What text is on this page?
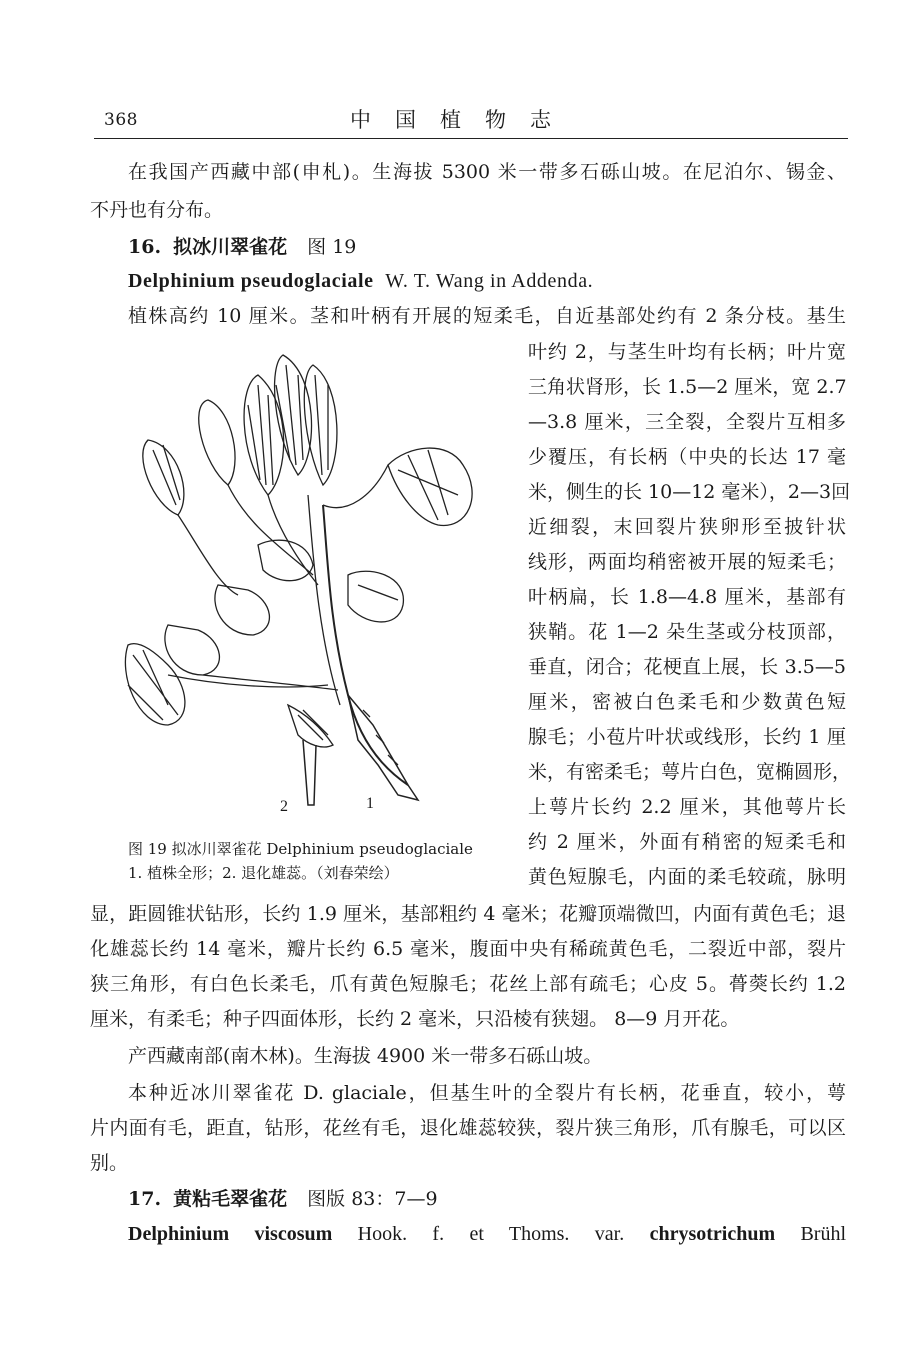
368	中国植物志
在我国产西藏中部(申札)。生海拔 5300 米一带多石砾山坡。在尼泊尔、锡金、
不丹也有分布。
16. 拟冰川翠雀花 图 19
Delphinium pseudoglaciale W. T. Wang in Addenda.
植株高约 10 厘米。茎和叶柄有开展的短柔毛，自近基部处约有 2 条分枝。基生
叶约 2，与茎生叶均有长柄；叶片宽
三角状肾形，长 1.5—2 厘米，宽 2.7
—3.8 厘米，三全裂，全裂片互相多
少覆压，有长柄（中央的长达 17 毫
米，侧生的长 10—12 毫米），2—3回
近细裂，末回裂片狭卵形至披针状
线形，两面均稍密被开展的短柔毛；
叶柄扁，长 1.8—4.8 厘米，基部有
狭鞘。花 1—2 朵生茎或分枝顶部，
垂直，闭合；花梗直上展，长 3.5—5
厘米，密被白色柔毛和少数黄色短
腺毛；小苞片叶状或线形，长约 1 厘
米，有密柔毛；萼片白色，宽椭圆形，
上萼片长约 2.2 厘米，其他萼片长
约 2 厘米，外面有稍密的短柔毛和
黄色短腺毛，内面的柔毛较疏，脉明
2	1
图 19 拟冰川翠雀花 Delphinium pseudoglaciale
1. 植株全形；2. 退化雄蕊。（刘春荣绘）
显，距圆锥状钻形，长约 1.9 厘米，基部粗约 4 毫米；花瓣顶端微凹，内面有黄色毛；退
化雄蕊长约 14 毫米，瓣片长约 6.5 毫米，腹面中央有稀疏黄色毛，二裂近中部，裂片
狭三角形，有白色长柔毛，爪有黄色短腺毛；花丝上部有疏毛；心皮 5。蓇葖长约 1.2
厘米，有柔毛；种子四面体形，长约 2 毫米，只沿棱有狭翅。 8—9 月开花。
产西藏南部(南木林)。生海拔 4900 米一带多石砾山坡。
本种近冰川翠雀花 D. glaciale，但基生叶的全裂片有长柄，花垂直，较小，萼
片内面有毛，距直，钻形，花丝有毛，退化雄蕊较狭，裂片狭三角形，爪有腺毛，可以区
别。
17. 黄粘毛翠雀花 图版 83：7—9
Delphinium viscosum Hook. f. et Thoms. var. chrysotrichum Brühl
